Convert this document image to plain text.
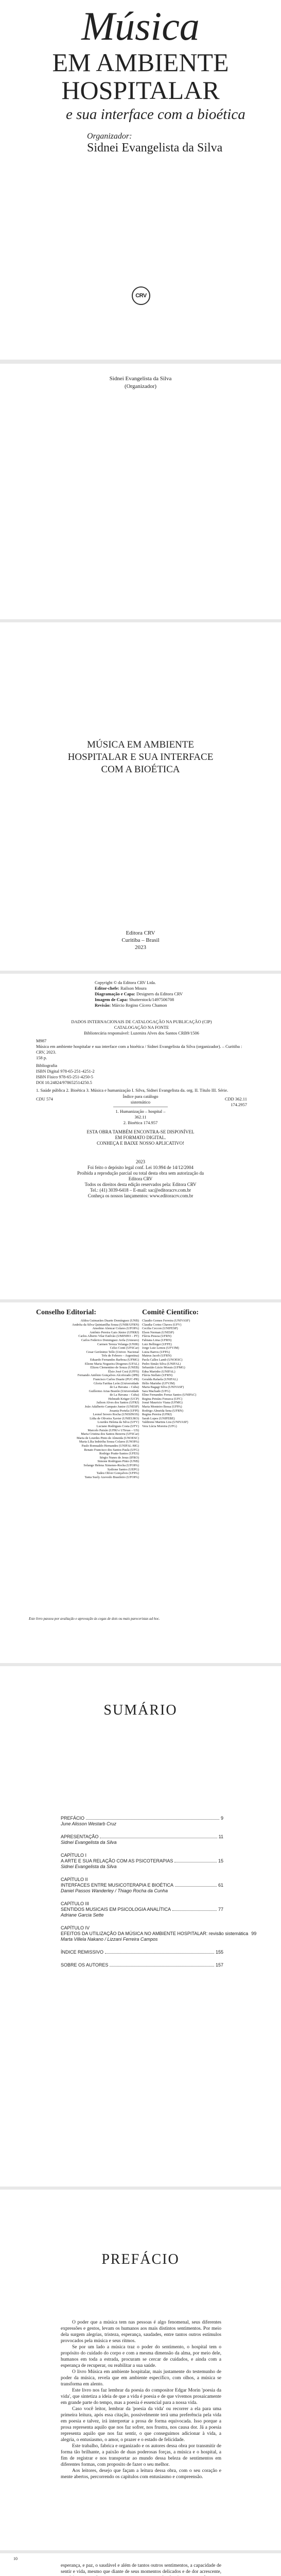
Música
EM AMBIENTE
HOSPITALAR
e sua interface com a bioética
Organizador:
Sidnei Evangelista da Silva
CRV
Sidnei Evangelista da Silva
(Organizador)
MÚSICA EM AMBIENTE
HOSPITALAR E SUA INTERFACE
COM A BIOÉTICA
Editora CRV
Curitiba – Brasil
2023
Copyright © da Editora CRV Ltda.
Editor-chefe: Railson Moura
Diagramação e Capa: Designers da Editora CRV
Imagem de Capa: Shutterstock/1497506708
Revisão: Márcio Regino Cícero Chamon
DADOS INTERNACIONAIS DE CATALOGAÇÃO NA PUBLICAÇÃO (CIP)
CATALOGAÇÃO NA FONTE
Bibliotecária responsável: Luzenira Alves dos Santos CRB9/1506
M987
Música em ambiente hospitalar e sua interface com a bioética / Sidnei Evangelista da Silva (organizador). – Curitiba : CRV, 2023.
158 p.
Bibliografia
ISBN Digital 978-65-251-4251-2
ISBN Físico 978-65-251-4250-5
DOI 10.24824/978652514250.5
1. Saúde pública 2. Bioética 3. Música e humanização I. Silva, Sidnei Evangelista da. org. II. Título III. Série.
CDU 574	CDD 362.11
174.2957
Índice para catálogo sistemático
1. Humanização – hospital – 362.11
2. Bioética 174.957
ESTA OBRA TAMBÉM ENCONTRA-SE DISPONÍVEL
EM FORMATO DIGITAL.
CONHEÇA E BAIXE NOSSO APLICATIVO!
2023
Foi feito o depósito legal conf. Lei 10.994 de 14/12/2004
Proibida a reprodução parcial ou total desta obra sem autorização da Editora CRV
Todos os direitos desta edição reservados pela: Editora CRV
Tel.: (41) 3039-6418 – E-mail: sac@editoracrv.com.br
Conheça os nossos lançamentos: www.editoracrv.com.br
Conselho Editorial:	Comitê Científico:
Aldira Guimarães Duarte Domínguez (UNB)
Andréia da Silva Quintanilha Sousa (UNIR/UFRN)
Anselmo Alencar Colares (UFOPA)
Antônio Pereira Gaio Júnior (UFRRJ)
Carlos Alberto Vilar Estêvão (UMINHO – PT)
Carlos Federico Dominguez Avila (Unieuro)
Carmen Tereza Velanga (UNIR)
Celso Conti (UFSCar)
Cesar Gerónimo Tello (Univer. Nacional
Três de Febrero – Argentina)
Eduardo Fernandes Barbosa (UFMG)
Elione Maria Nogueira Diogenes (UFAL)
Elizeu Clementino de Souza (UNEB)
Élsio José Corá (UFFS)
Fernando Antônio Gonçalves Alcoforado (IPB)
Francisco Carlos Duarte (PUC-PR)
Gloria Fariñas León (Universidade
de La Havana – Cuba)
Guillermo Arias Beatón (Universidade
de La Havana – Cuba)
Helmuth Krüger (UCP)
Jailson Alves dos Santos (UFRJ)
João Adalberto Campato Junior (UNESP)
Josania Portela (UFPI)
Leonel Severo Rocha (UNISINOS)
Lídia de Oliveira Xavier (UNIEURO)
Lourdes Helena da Silva (UFV)
Luciano Rodrigues Costa (UFV)
Marcelo Paixão (UFRJ e UTexas – US)
Maria Cristina dos Santos Bezerra (UFSCar)
Maria de Lourdes Pinto de Almeida (UNOESC)
Maria Lília Imbiriba Sousa Colares (UNOPA)
Paulo Romualdo Hernandes (UNIFAL-MG)
Renato Francisco dos Santos Paula (UFG)
Rodrigo Pratte-Santos (UFES)
Sérgio Nunes de Jesus (IFRO)
Simone Rodrigues Pinto (UNB)
Solange Helena Ximenes-Rocha (UFOPA)
Sydione Santos (UEPG)
Tadeu Oliver Gonçalves (UFPA)
Tania Suely Azevedo Brasileiro (UFOPA)
Claudio Gomes Ferreira (UNIVASF)
Claudia Cortez Chaves (UFV)
Cecilia Ceccon (UNIFESP)
Elson Nerman (UNESP)
Flávia Pessoa (UFRN)
Fabiana Lima (UFRN)
Luiz Bellinger (UFFE)
Jorge Luiz Lemos (UFVJM)
Luiza Barros (UFPA)
Mateus Jacob (UFRN)
Paola Calles Lamb (UNOESC)
Pedro Simão Silva (UNIFAL)
Sebastião Lúcio Morais (UFMG)
Edna Marinho (UNIFAL)
Flávia Stellato (UFRN)
Geralda Rafaela (UNIFAL)
Hélio Marinho (UFVJM)
Maria Bagagi Silva (UNIVASF)
Sara Machado (UFG)
Eline Fernandes Ferraz Santos (UNIPAC)
Regina Petráns Fonseca (UFC)
Josué Mauricio Viana (UFMG)
Maria Monteiro Bessa (UFPA)
Rodrigo Almeida Sena (UFRN)
Regina Pereira (UFRJ)
Sarah Lopes (UNIFEBE)
Valdirene Martins Lira (UNIVASF)
Vera Lúcia Moreira (UFG)
Este livro passou por avaliação e aprovação às cegas de dois ou mais pareceristas ad hoc.
SUMÁRIO
PREFÁCIO	9
June Alisson Westarb Cruz
APRESENTAÇÃO	11
Sidnei Evangelista da Silva
CAPÍTULO I
A ARTE E SUA RELAÇÃO COM AS PSICOTERAPIAS	15
Sidnei Evangelista da Silva
CAPÍTULO II
INTERFACES ENTRE MUSICOTERAPIA E BIOÉTICA	61
Daniel Passos Wanderley / Thiago Rocha da Cunha
CAPÍTULO III
SENTIDOS MUSICAIS EM PSICOLOGIA ANALÍTICA	77
Adriane Garcia Sette
CAPÍTULO IV
EFEITOS DA UTILIZAÇÃO DA MÚSICA NO AMBIENTE HOSPITALAR: revisão sistemática 99
Marta Villela Nakano / Lizzani Ferreira Campos
ÍNDICE REMISSIVO	155
SOBRE OS AUTORES	157
PREFÁCIO

O poder que a música tem nas pessoas é algo fenomenal, seus diferentes expressões e gestos, levam os humanos aos mais distintos sentimentos. Por meio dela surgem alegrias, tristeza, esperança, saudades, entre tantos outros estímulos provocados pela música e seus ritmos.

Se por um lado a música traz o poder do sentimento, o hospital tem o propósito do cuidado do corpo e com a mesma dimensão da alma, por meio dele, humanos em toda a estrada, procuram se cercar de cuidados, e ainda com a esperança de recuperar, ou reabilitar a sua saúde.

O livro Música em ambiente hospitalar, mais justamente do testemunho de poder da música, revela que em ambiente específico, com olhos, a música se transforma em alento.

Este livro nos faz lembrar da poesia do compositor Edgar Morin 'poesia da vida', que sintetiza a ideia de que a vida é poesia e de que vivemos prosaicamente em grande parte do tempo, mas a poesia é essencial para a nossa vida.

Caso você leitor, lembrar da 'poesia da vida' ou recorrer a ela para uma primeira leitura, após essa citação, possivelmente terá uma preferência pela vida em poesia e talvez, irá interpretar a prosa de forma equivocada. Isso porque a prosa representa aquilo que nos faz sofrer, nos frustra, nos causa dor. Já a poesia representa aquilo que nos faz sentir, o que conseguimos adicionar à vida, a alegria, o entusiasmo, o amor, o prazer e o estado de felicidade.

Este trabalho, fabrica e organizado e os autores dessa obra por transmitir de forma tão brilhante, a paixão de duas poderosas forças, a música e o hospital, a fim de registrar e nos transportar ao mundo dessa beleza de sentimentos em diferentes formas, com proposito de fazer o seu melhor.

Aos leitores, desejo que façam a leitura dessa obra, com o seu coração e mente abertos, percorrendo os capítulos com entusiasmo e compreensão.

10

esperança, e paz, o saudável e além de tantos outros sentimentos, a capacidade de sentir e vida, mesmo que diante de seus momentos delicados e de dor acrescente,
